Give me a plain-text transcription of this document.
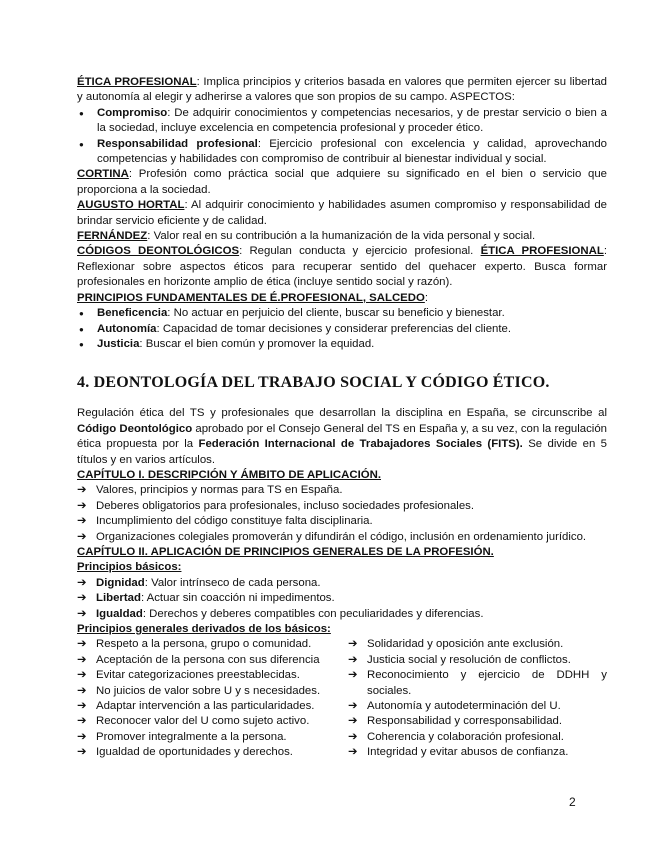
ÉTICA PROFESIONAL: Implica principios y criterios basada en valores que permiten ejercer su libertad y autonomía al elegir y adherirse a valores que son propios de su campo. ASPECTOS:

● Compromiso: De adquirir conocimientos y competencias necesarios, y de prestar servicio o bien a la sociedad, incluye excelencia en competencia profesional y proceder ético.
● Responsabilidad profesional: Ejercicio profesional con excelencia y calidad, aprovechando competencias y habilidades con compromiso de contribuir al bienestar individual y social.

CORTINA: Profesión como práctica social que adquiere su significado en el bien o servicio que proporciona a la sociedad.

AUGUSTO HORTAL: Al adquirir conocimiento y habilidades asumen compromiso y responsabilidad de brindar servicio eficiente y de calidad.

FERNÁNDEZ: Valor real en su contribución a la humanización de la vida personal y social.

CÓDIGOS DEONTOLÓGICOS: Regulan conducta y ejercicio profesional. ÉTICA PROFESIONAL: Reflexionar sobre aspectos éticos para recuperar sentido del quehacer experto. Busca formar profesionales en horizonte amplio de ética (incluye sentido social y razón).

PRINCIPIOS FUNDAMENTALES DE É.PROFESIONAL, SALCEDO:

● Beneficencia: No actuar en perjuicio del cliente, buscar su beneficio y bienestar.
● Autonomía: Capacidad de tomar decisiones y considerar preferencias del cliente.
● Justicia: Buscar el bien común y promover la equidad.
4. DEONTOLOGÍA DEL TRABAJO SOCIAL Y CÓDIGO ÉTICO.

Regulación ética del TS y profesionales que desarrollan la disciplina en España, se circunscribe al Código Deontológico aprobado por el Consejo General del TS en España y, a su vez, con la regulación ética propuesta por la Federación Internacional de Trabajadores Sociales (FITS). Se divide en 5 títulos y en varios artículos.

CAPÍTULO I. DESCRIPCIÓN Y ÁMBITO DE APLICACIÓN.

➔ Valores, principios y normas para TS en España.
➔ Deberes obligatorios para profesionales, incluso sociedades profesionales.
➔ Incumplimiento del código constituye falta disciplinaria.
➔ Organizaciones colegiales promoverán y difundirán el código, inclusión en ordenamiento jurídico.

CAPÍTULO II. APLICACIÓN DE PRINCIPIOS GENERALES DE LA PROFESIÓN.

Principios básicos:

➔ Dignidad: Valor intrínseco de cada persona.
➔ Libertad: Actuar sin coacción ni impedimentos.
➔ Igualdad: Derechos y deberes compatibles con peculiaridades y diferencias.

Principios generales derivados de los básicos:

➔ Respeto a la persona, grupo o comunidad.
➔ Aceptación de la persona con sus diferencia
➔ Evitar categorizaciones preestablecidas.
➔ No juicios de valor sobre U y s necesidades.
➔ Adaptar intervención a las particularidades.
➔ Reconocer valor del U como sujeto activo.
➔ Promover integralmente a la persona.
➔ Igualdad de oportunidades y derechos.
➔ Solidaridad y oposición ante exclusión.
➔ Justicia social y resolución de conflictos.
➔ Reconocimiento y ejercicio de DDHH y sociales.
➔ Autonomía y autodeterminación del U.
➔ Responsabilidad y corresponsabilidad.
➔ Coherencia y colaboración profesional.
➔ Integridad y evitar abusos de confianza.
2
